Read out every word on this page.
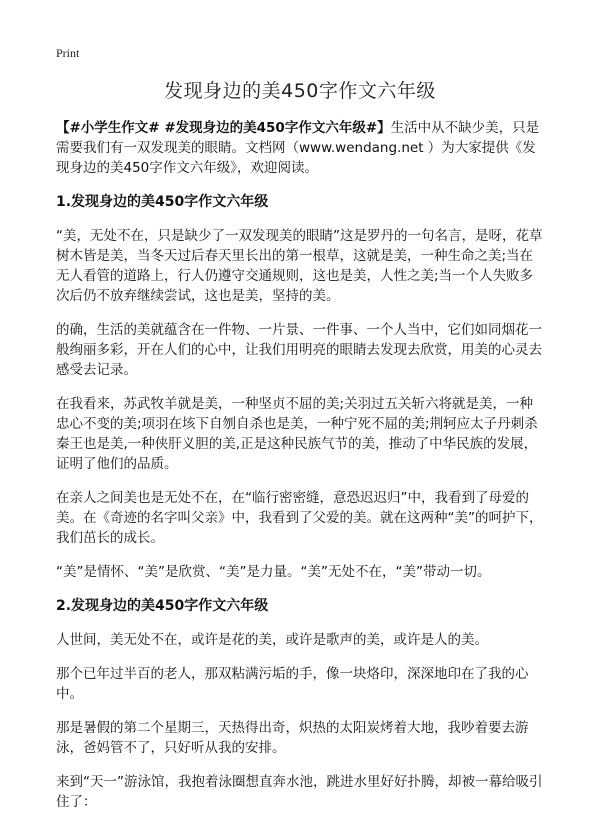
Print
发现身边的美450字作文六年级

【#小学生作文# #发现身边的美450字作文六年级#】生活中从不缺少美，只是需要我们有一双发现美的眼睛。文档网（www.wendang.net ）为大家提供《发现身边的美450字作文六年级》，欢迎阅读。

1.发现身边的美450字作文六年级

“美，无处不在，只是缺少了一双发现美的眼睛”这是罗丹的一句名言，是呀，花草树木皆是美，当冬天过后春天里长出的第一根草，这就是美，一种生命之美;当在无人看管的道路上，行人仍遵守交通规则，这也是美，人性之美;当一个人失败多次后仍不放弃继续尝试，这也是美，坚持的美。

的确，生活的美就蕴含在一件物、一片景、一件事、一个人当中，它们如同烟花一般绚丽多彩，开在人们的心中，让我们用明亮的眼睛去发现去欣赏，用美的心灵去感受去记录。

在我看来，苏武牧羊就是美，一种坚贞不屈的美;关羽过五关斩六将就是美，一种忠心不变的美;项羽在垓下自刎自杀也是美，一种宁死不屈的美;荆轲应太子丹刺杀秦王也是美,一种侠肝义胆的美,正是这种民族气节的美，推动了中华民族的发展，证明了他们的品质。

在亲人之间美也是无处不在，在“临行密密缝，意恐迟迟归”中，我看到了母爱的美。在《奇迹的名字叫父亲》中，我看到了父爱的美。就在这两种“美”的呵护下，我们茁长的成长。

“美”是情怀、“美”是欣赏、“美”是力量。“美”无处不在，“美”带动一切。

2.发现身边的美450字作文六年级

人世间，美无处不在，或许是花的美，或许是歌声的美，或许是人的美。

那个已年过半百的老人，那双粘满污垢的手，像一块烙印，深深地印在了我的心中。

那是暑假的第二个星期三，天热得出奇，炽热的太阳炭烤着大地，我吵着要去游泳，爸妈管不了，只好听从我的安排。

来到“天一”游泳馆，我抱着泳圈想直奔水池，跳进水里好好扑腾，却被一幕给吸引住了：
